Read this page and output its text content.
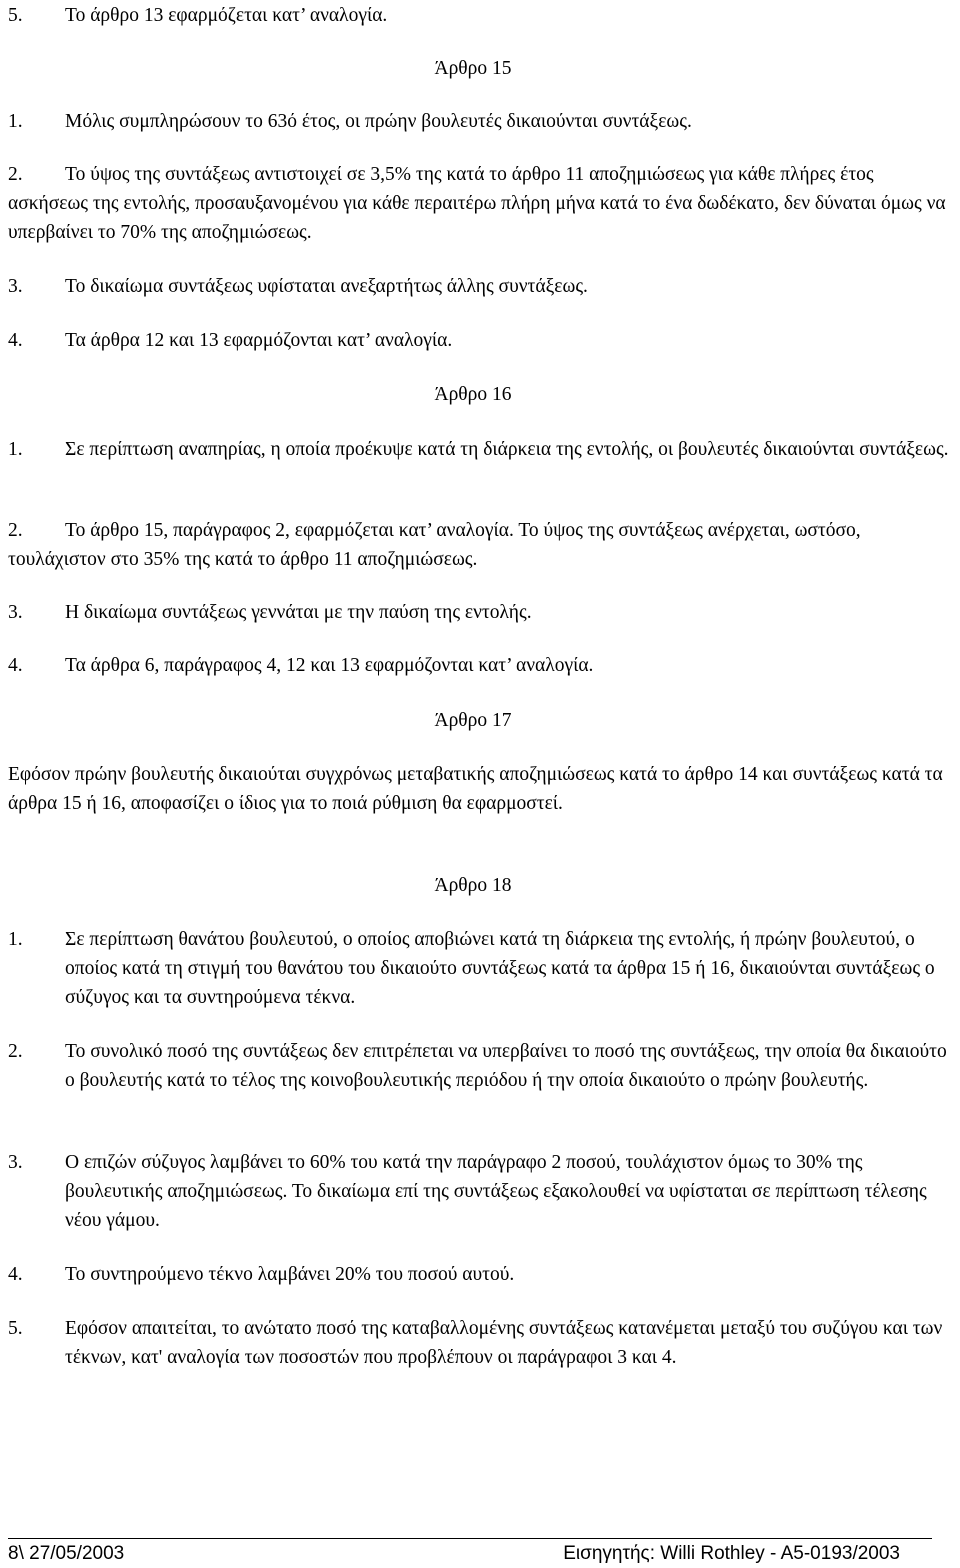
5. Το άρθρο 13 εφαρμόζεται κατ’ αναλογία.
Άρθρο 15
1. Μόλις συμπληρώσουν το 63ό έτος, οι πρώην βουλευτές δικαιούνται συντάξεως.
2.	Το ύψος της συντάξεως αντιστοιχεί σε 3,5% της κατά το άρθρο 11 αποζημιώσεως για κάθε πλήρες έτος ασκήσεως της εντολής, προσαυξανομένου για κάθε περαιτέρω πλήρη μήνα κατά το ένα δωδέκατο, δεν δύναται όμως να υπερβαίνει το 70% της αποζημιώσεως.
3. Το δικαίωμα συντάξεως υφίσταται ανεξαρτήτως άλλης συντάξεως.
4. Τα άρθρα 12 και 13 εφαρμόζονται κατ’ αναλογία.
Άρθρο 16
1.	Σε περίπτωση αναπηρίας, η οποία προέκυψε κατά τη διάρκεια της εντολής, οι βουλευτές δικαιούνται συντάξεως.
2.	Το άρθρο 15, παράγραφος 2, εφαρμόζεται κατ’ αναλογία. Το ύψος της συντάξεως ανέρχεται, ωστόσο, τουλάχιστον στο 35% της κατά το άρθρο 11 αποζημιώσεως.
3. Η δικαίωμα συντάξεως γεννάται με την παύση της εντολής.
4. Τα άρθρα 6, παράγραφος 4, 12 και 13 εφαρμόζονται κατ’ αναλογία.
Άρθρο 17
Εφόσον πρώην βουλευτής δικαιούται συγχρόνως μεταβατικής αποζημιώσεως κατά το άρθρο 14 και συντάξεως κατά τα άρθρα 15 ή 16, αποφασίζει ο ίδιος για το ποιά ρύθμιση θα εφαρμοστεί.
Άρθρο 18
1. Σε περίπτωση θανάτου βουλευτού, ο οποίος αποβιώνει κατά τη διάρκεια της εντολής, ή πρώην βουλευτού, ο οποίος κατά τη στιγμή του θανάτου του δικαιούτο συντάξεως κατά τα άρθρα 15 ή 16, δικαιούνται συντάξεως ο σύζυγος και τα συντηρούμενα τέκνα.
2. Το συνολικό ποσό της συντάξεως δεν επιτρέπεται να υπερβαίνει το ποσό της συντάξεως, την οποία θα δικαιούτο ο βουλευτής κατά το τέλος της κοινοβουλευτικής περιόδου ή την οποία δικαιούτο ο πρώην βουλευτής.
3. Ο επιζών σύζυγος λαμβάνει το 60% του κατά την παράγραφο 2 ποσού, τουλάχιστον όμως το 30% της βουλευτικής αποζημιώσεως. Το δικαίωμα επί της συντάξεως εξακολουθεί να υφίσταται σε περίπτωση τέλεσης νέου γάμου.
4. Το συντηρούμενο τέκνο λαμβάνει 20% του ποσού αυτού.
5. Εφόσον απαιτείται, το ανώτατο ποσό της καταβαλλομένης συντάξεως κατανέμεται μεταξύ του συζύγου και των τέκνων, κατ' αναλογία των ποσοστών που προβλέπουν οι παράγραφοι 3 και 4.
8\ 27/05/2003	Εισηγητής: Willi Rothley - A5-0193/2003
